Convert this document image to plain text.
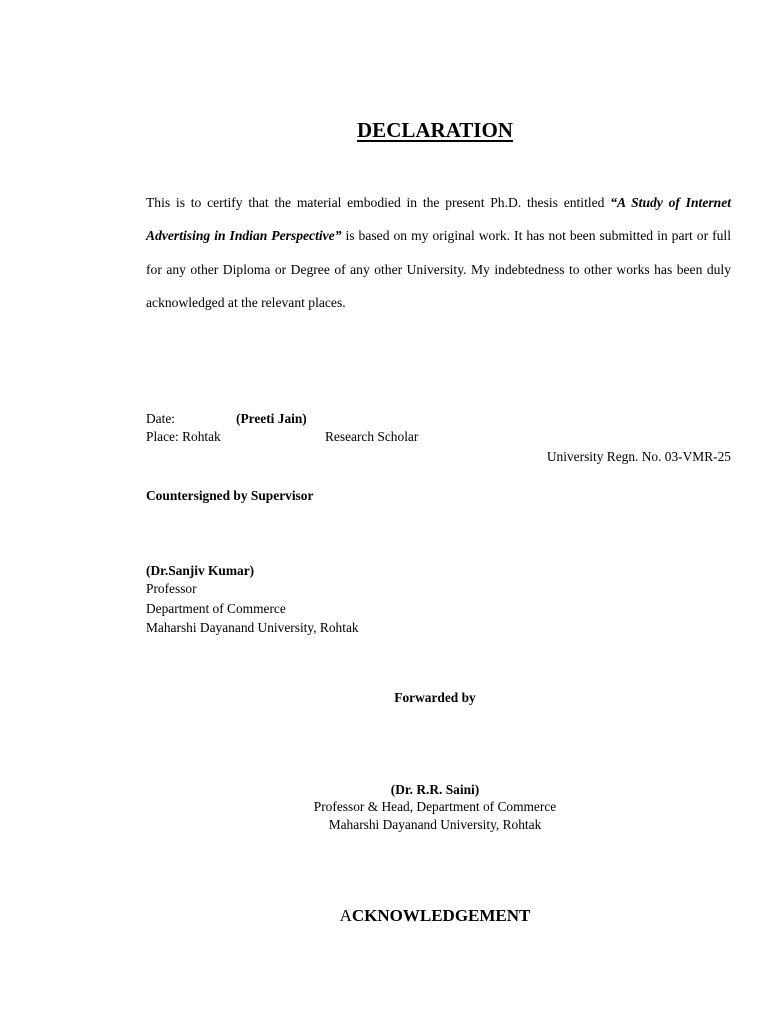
DECLARATION

This is to certify that the material embodied in the present Ph.D. thesis entitled “A Study of Internet Advertising in Indian Perspective” is based on my original work. It has not been submitted in part or full for any other Diploma or Degree of any other University. My indebtedness to other works has been duly acknowledged at the relevant places.

Date:	(Preeti Jain)
Place: Rohtak	Research Scholar
University Regn. No. 03-VMR-25
Countersigned by Supervisor
(Dr.Sanjiv Kumar)
Professor
Department of Commerce
Maharshi Dayanand University, Rohtak
Forwarded by
(Dr. R.R. Saini)
Professor & Head, Department of Commerce
Maharshi Dayanand University, Rohtak
ACKNOWLEDGEMENT
